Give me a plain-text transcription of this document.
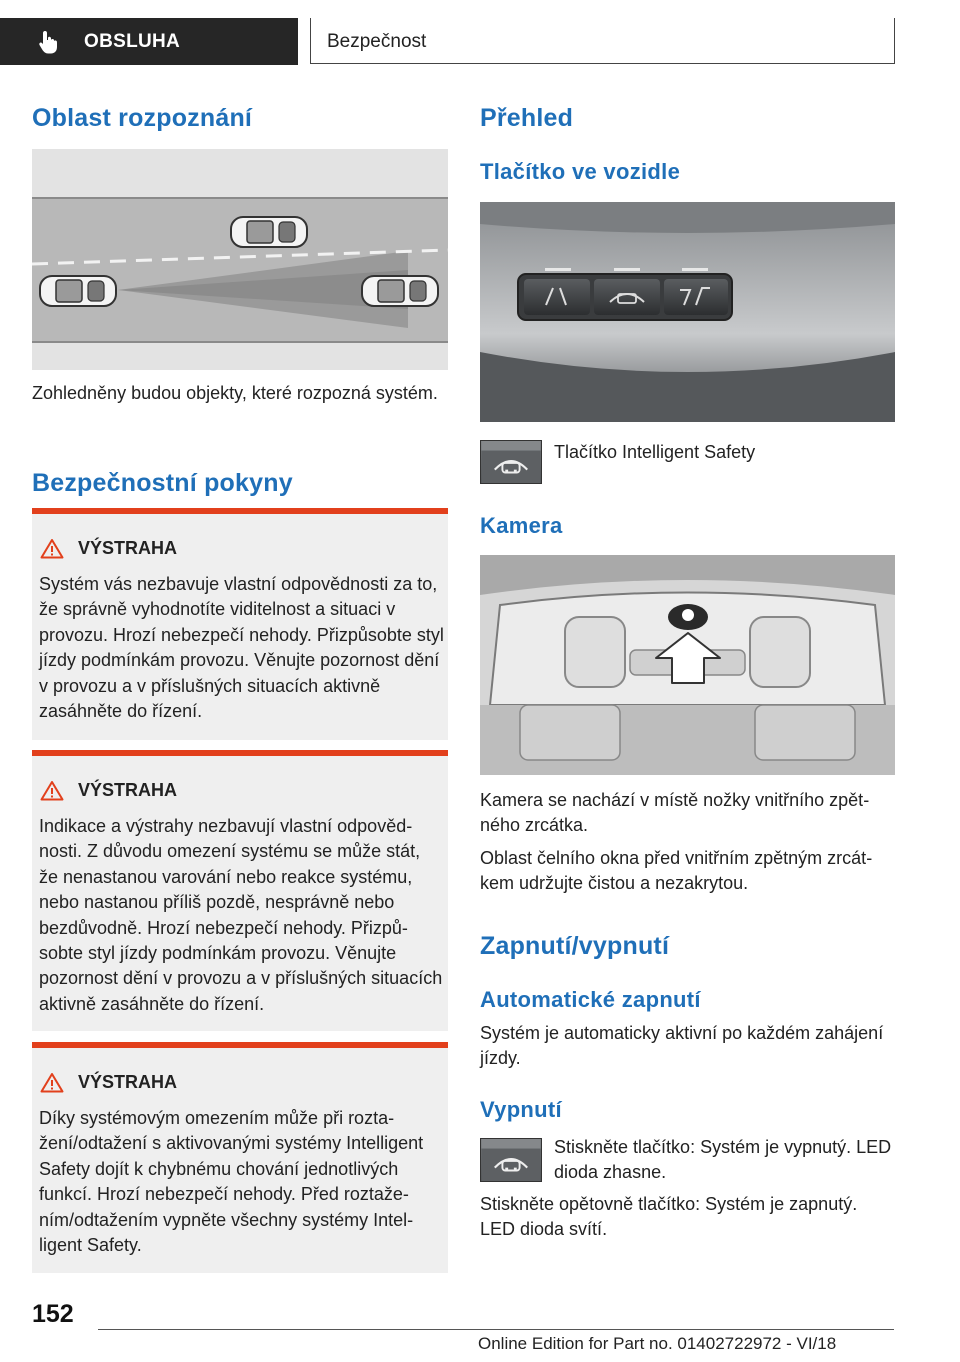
OBSLUHA	Bezpečnost
Oblast rozpoznání

Zohledněny budou objekty, které rozpozná systém.

Bezpečnostní pokyny
VÝSTRAHA

Systém vás nezbavuje vlastní odpovědnosti za to, že správně vyhodnotíte viditelnost a situaci v provozu. Hrozí nebezpečí nehody. Přizpůsobte styl jízdy podmínkám provozu. Věnujte pozornost dění v provozu a v příslušných situacích aktivně zasáhněte do řízení.

VÝSTRAHA

Indikace a výstrahy nezbavují vlastní odpovědnosti. Z důvodu omezení systému se může stát, že nenastanou varování nebo reakce systému, nebo nastanou příliš pozdě, nesprávně nebo bezdůvodně. Hrozí nebezpečí nehody. Přizpůsobte styl jízdy podmínkám provozu. Věnujte pozornost dění v provozu a v příslušných situacích aktivně zasáhněte do řízení.

VÝSTRAHA

Díky systémovým omezením může při roztažení/odtažení s aktivovanými systémy Intelligent Safety dojít k chybnému chování jednotlivých funkcí. Hrozí nebezpečí nehody. Před roztažením/odtažením vypněte všechny systémy Intelligent Safety.

Přehled
Tlačítko ve vozidle

Tlačítko Intelligent Safety

Kamera

Kamera se nachází v místě nožky vnitřního zpětného zrcátka.

Oblast čelního okna před vnitřním zpětným zrcátkem udržujte čistou a nezakrytou.

Zapnutí/vypnutí
Automatické zapnutí

Systém je automaticky aktivní po každém zahájení jízdy.

Vypnutí

Stiskněte tlačítko: Systém je vypnutý. LED dioda zhasne.

Stiskněte opětovně tlačítko: Systém je zapnutý. LED dioda svítí.

152
Online Edition for Part no. 01402722972 - VI/18
